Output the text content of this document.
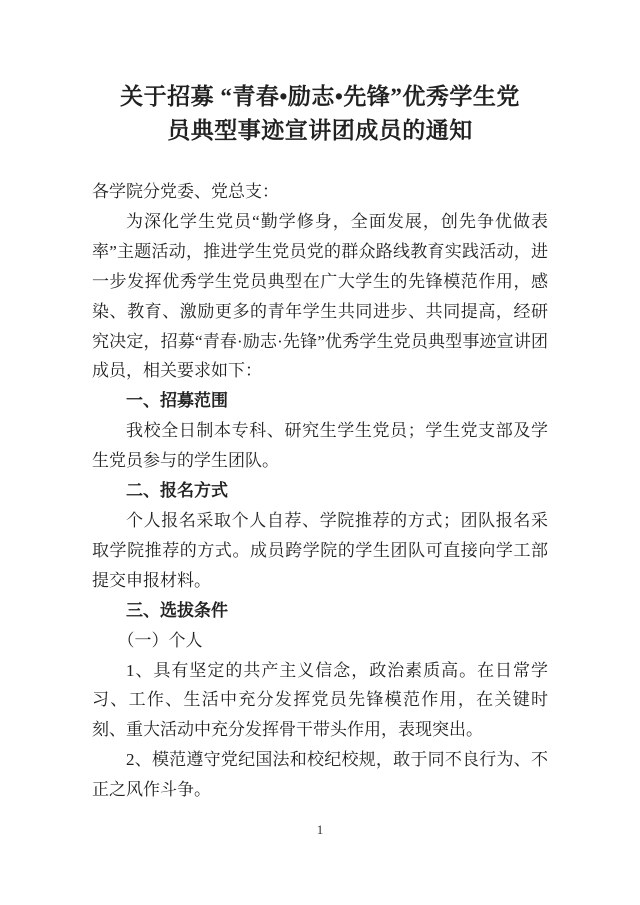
关于招募 “青春•励志•先锋”优秀学生党
员典型事迹宣讲团成员的通知

各学院分党委、党总支：

为深化学生党员“勤学修身，全面发展，创先争优做表率”主题活动，推进学生党员党的群众路线教育实践活动，进一步发挥优秀学生党员典型在广大学生的先锋模范作用，感染、教育、激励更多的青年学生共同进步、共同提高，经研究决定，招募“青春·励志·先锋”优秀学生党员典型事迹宣讲团成员，相关要求如下：

一、招募范围

我校全日制本专科、研究生学生党员；学生党支部及学生党员参与的学生团队。

二、报名方式

个人报名采取个人自荐、学院推荐的方式；团队报名采取学院推荐的方式。成员跨学院的学生团队可直接向学工部提交申报材料。

三、选拔条件

（一）个人

1、具有坚定的共产主义信念，政治素质高。在日常学习、工作、生活中充分发挥党员先锋模范作用，在关键时刻、重大活动中充分发挥骨干带头作用，表现突出。

2、模范遵守党纪国法和校纪校规，敢于同不良行为、不正之风作斗争。

1
